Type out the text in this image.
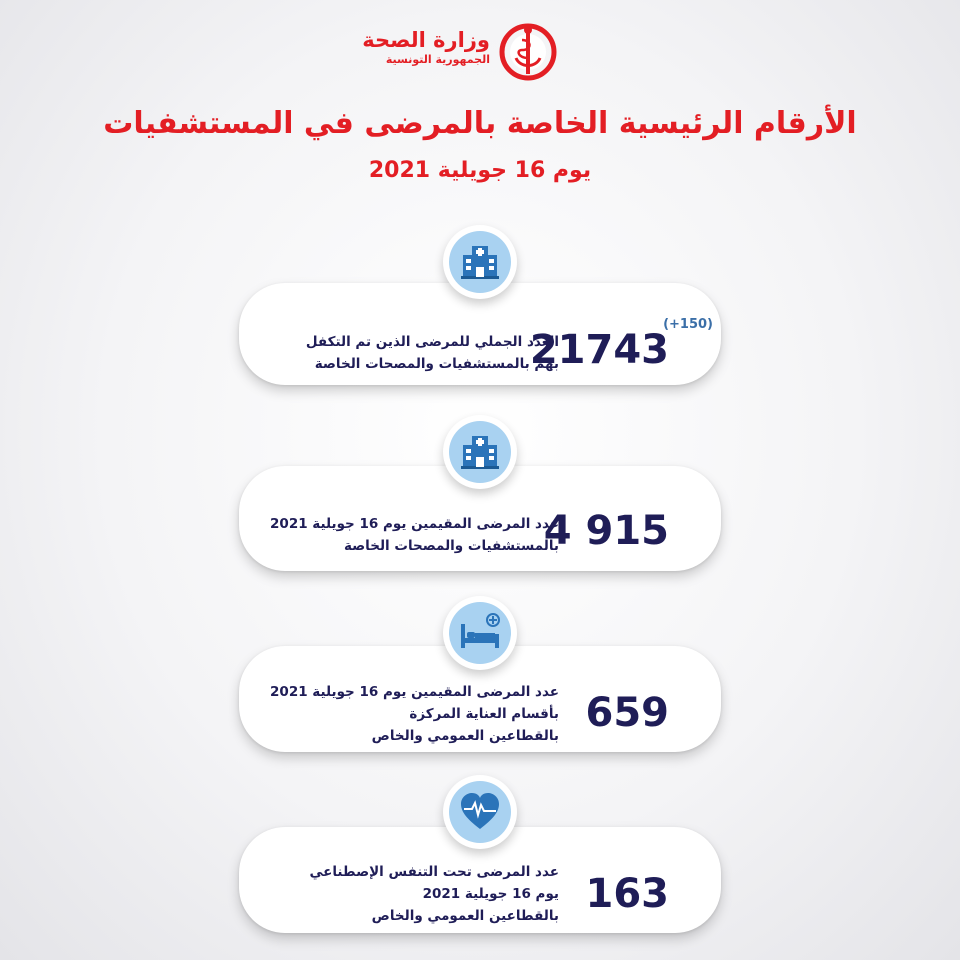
وزارة الصحة
الجمهورية التونسية
الأرقام الرئيسية الخاصة بالمرضى في المستشفيات
يوم 16 جويلية 2021
(+150)
21743
العدد الجملي للمرضى الذين تم التكفل
بهم بالمستشفيات والمصحات الخاصة
4 915
عدد المرضى المقيمين يوم 16 جويلية 2021
بالمستشفيات والمصحات الخاصة
659
عدد المرضى المقيمين يوم 16 جويلية 2021
بأقسام العناية المركزة
بالقطاعين العمومي والخاص
163
عدد المرضى تحت التنفس الإصطناعي
يوم 16 جويلية 2021
بالقطاعين العمومي والخاص
